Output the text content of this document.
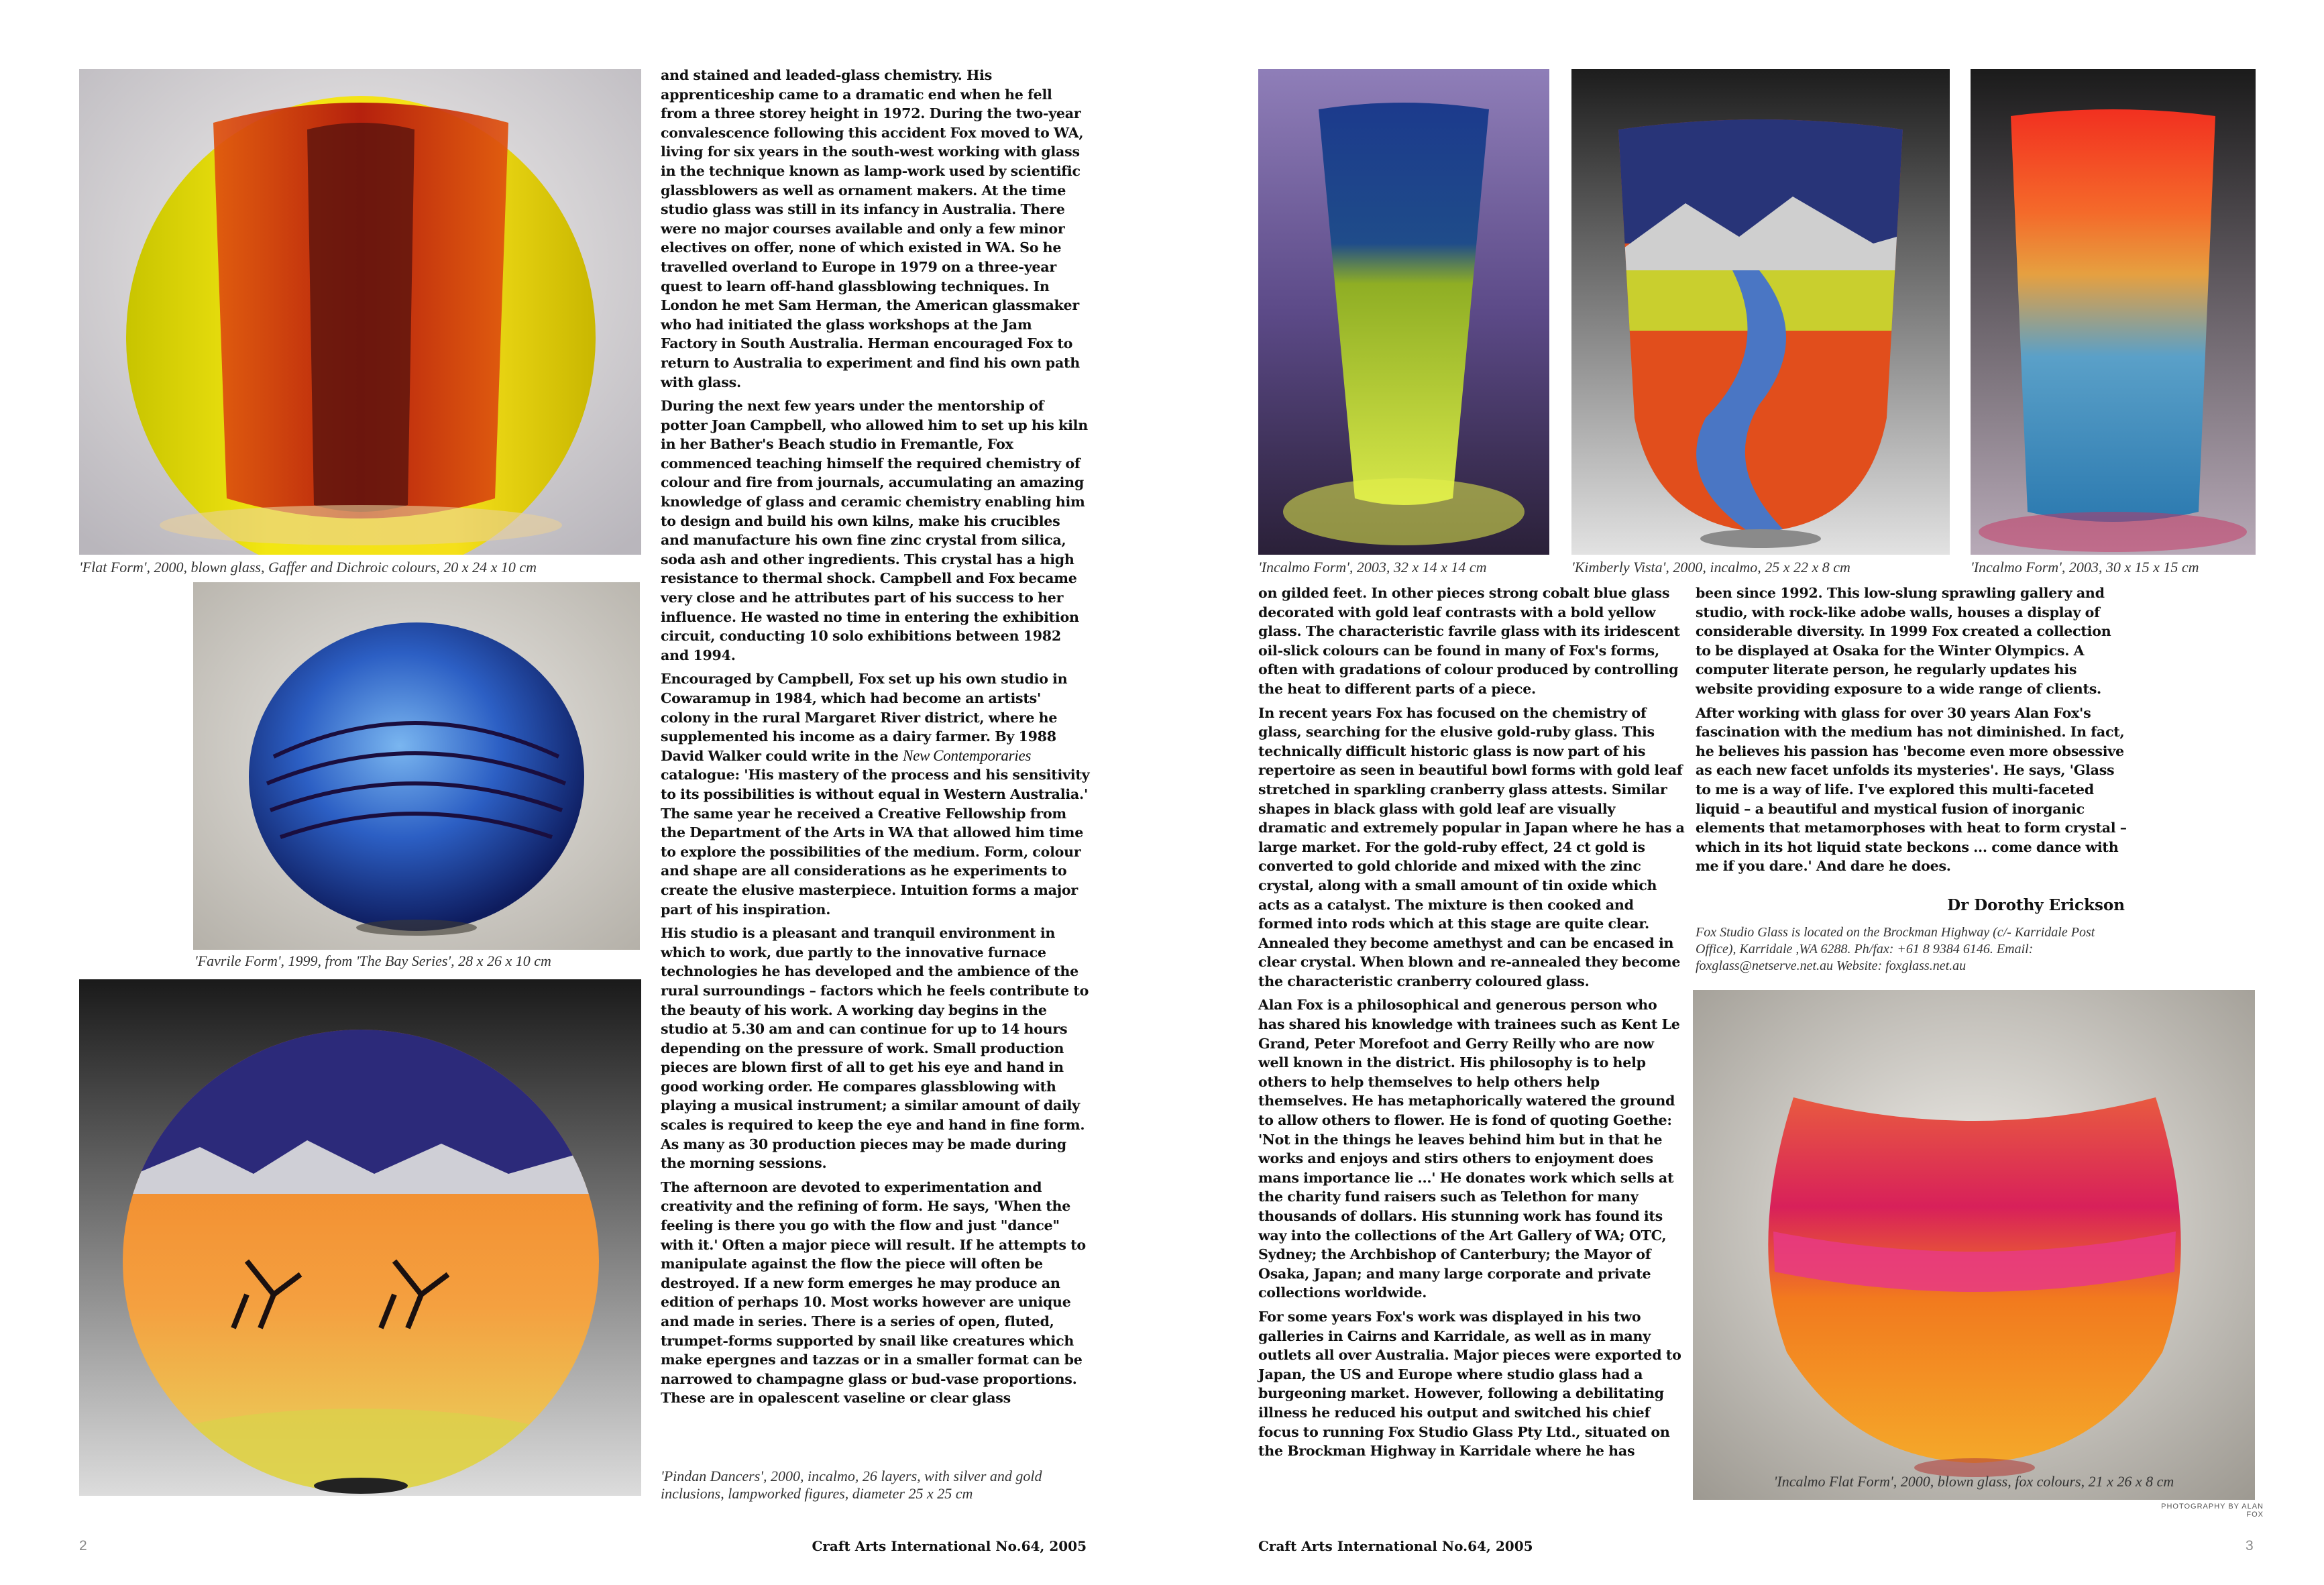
'Flat Form', 2000, blown glass, Gaffer and Dichroic colours, 20 x 24 x 10 cm
'Favrile Form', 1999, from 'The Bay Series', 28 x 26 x 10 cm
'Pindan Dancers', 2000, incalmo, 26 layers, with silver and gold inclusions, lampworked figures, diameter 25 x 25 cm

and stained and leaded-glass chemistry. His apprenticeship came to a dramatic end when he fell from a three storey height in 1972. During the two-year convalescence following this accident Fox moved to WA, living for six years in the south-west working with glass in the technique known as lamp-work used by scientific glassblowers as well as ornament makers. At the time studio glass was still in its infancy in Australia. There were no major courses available and only a few minor electives on offer, none of which existed in WA. So he travelled overland to Europe in 1979 on a three-year quest to learn off-hand glassblowing techniques. In London he met Sam Herman, the American glassmaker who had initiated the glass workshops at the Jam Factory in South Australia. Herman encouraged Fox to return to Australia to experiment and find his own path with glass.

During the next few years under the mentorship of potter Joan Campbell, who allowed him to set up his kiln in her Bather's Beach studio in Fremantle, Fox commenced teaching himself the required chemistry of colour and fire from journals, accumulating an amazing knowledge of glass and ceramic chemistry enabling him to design and build his own kilns, make his crucibles and manufacture his own fine zinc crystal from silica, soda ash and other ingredients. This crystal has a high resistance to thermal shock. Campbell and Fox became very close and he attributes part of his success to her influence. He wasted no time in entering the exhibition circuit, conducting 10 solo exhibitions between 1982 and 1994.

Encouraged by Campbell, Fox set up his own studio in Cowaramup in 1984, which had become an artists' colony in the rural Margaret River district, where he supplemented his income as a dairy farmer. By 1988 David Walker could write in the New Contemporaries catalogue: 'His mastery of the process and his sensitivity to its possibilities is without equal in Western Australia.' The same year he received a Creative Fellowship from the Department of the Arts in WA that allowed him time to explore the possibilities of the medium. Form, colour and shape are all considerations as he experiments to create the elusive masterpiece. Intuition forms a major part of his inspiration.

His studio is a pleasant and tranquil environment in which to work, due partly to the innovative furnace technologies he has developed and the ambience of the rural surroundings – factors which he feels contribute to the beauty of his work. A working day begins in the studio at 5.30 am and can continue for up to 14 hours depending on the pressure of work. Small production pieces are blown first of all to get his eye and hand in good working order. He compares glassblowing with playing a musical instrument; a similar amount of daily scales is required to keep the eye and hand in fine form. As many as 30 production pieces may be made during the morning sessions.

The afternoon are devoted to experimentation and creativity and the refining of form. He says, 'When the feeling is there you go with the flow and just "dance" with it.' Often a major piece will result. If he attempts to manipulate against the flow the piece will often be destroyed. If a new form emerges he may produce an edition of perhaps 10. Most works however are unique and made in series. There is a series of open, fluted, trumpet-forms supported by snail like creatures which make epergnes and tazzas or in a smaller format can be narrowed to champagne glass or bud-vase proportions. These are in opalescent vaseline or clear glass

'Incalmo Form', 2003, 32 x 14 x 14 cm	'Kimberly Vista', 2000, incalmo, 25 x 22 x 8 cm	'Incalmo Form', 2003, 30 x 15 x 15 cm

on gilded feet. In other pieces strong cobalt blue glass decorated with gold leaf contrasts with a bold yellow glass. The characteristic favrile glass with its iridescent oil-slick colours can be found in many of Fox's forms, often with gradations of colour produced by controlling the heat to different parts of a piece.

In recent years Fox has focused on the chemistry of glass, searching for the elusive gold-ruby glass. This technically difficult historic glass is now part of his repertoire as seen in beautiful bowl forms with gold leaf stretched in sparkling cranberry glass attests. Similar shapes in black glass with gold leaf are visually dramatic and extremely popular in Japan where he has a large market. For the gold-ruby effect, 24 ct gold is converted to gold chloride and mixed with the zinc crystal, along with a small amount of tin oxide which acts as a catalyst. The mixture is then cooked and formed into rods which at this stage are quite clear. Annealed they become amethyst and can be encased in clear crystal. When blown and re-annealed they become the characteristic cranberry coloured glass.

Alan Fox is a philosophical and generous person who has shared his knowledge with trainees such as Kent Le Grand, Peter Morefoot and Gerry Reilly who are now well known in the district. His philosophy is to help others to help themselves to help others help themselves. He has metaphorically watered the ground to allow others to flower. He is fond of quoting Goethe: 'Not in the things he leaves behind him but in that he works and enjoys and stirs others to enjoyment does mans importance lie ...' He donates work which sells at the charity fund raisers such as Telethon for many thousands of dollars. His stunning work has found its way into the collections of the Art Gallery of WA; OTC, Sydney; the Archbishop of Canterbury; the Mayor of Osaka, Japan; and many large corporate and private collections worldwide.

For some years Fox's work was displayed in his two galleries in Cairns and Karridale, as well as in many outlets all over Australia. Major pieces were exported to Japan, the US and Europe where studio glass had a burgeoning market. However, following a debilitating illness he reduced his output and switched his chief focus to running Fox Studio Glass Pty Ltd., situated on the Brockman Highway in Karridale where he has

been since 1992. This low-slung sprawling gallery and studio, with rock-like adobe walls, houses a display of considerable diversity. In 1999 Fox created a collection to be displayed at Osaka for the Winter Olympics. A computer literate person, he regularly updates his website providing exposure to a wide range of clients.

After working with glass for over 30 years Alan Fox's fascination with the medium has not diminished. In fact, he believes his passion has 'become even more obsessive as each new facet unfolds its mysteries'. He says, 'Glass to me is a way of life. I've explored this multi-faceted liquid – a beautiful and mystical fusion of inorganic elements that metamorphoses with heat to form crystal – which in its hot liquid state beckons ... come dance with me if you dare.' And dare he does.

Dr Dorothy Erickson
Fox Studio Glass is located on the Brockman Highway (c/- Karridale Post Office), Karridale ,WA 6288. Ph/fax: +61 8 9384 6146. Email: foxglass@netserve.net.au Website: foxglass.net.au
'Incalmo Flat Form', 2000, blown glass, fox colours, 21 x 26 x 8 cm
PHOTOGRAPHY BY ALAN FOX
2	Craft Arts International No.64, 2005	Craft Arts International No.64, 2005	3
